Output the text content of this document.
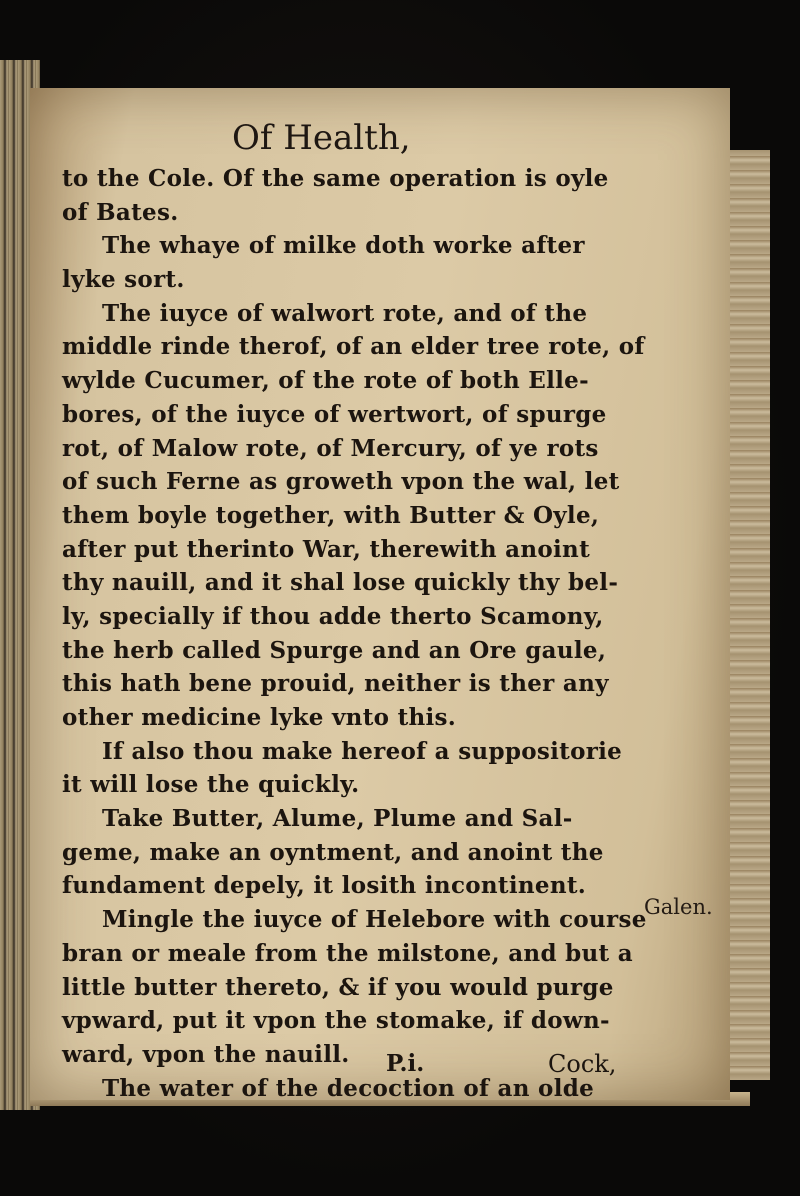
Of Health,
to the Cole. Of the same operation is oyle
of Bates.
The whaye of milke doth worke after
lyke sort.
The iuyce of walwort rote, and of the
middle rinde therof, of an elder tree rote, of
wylde Cucumer, of the rote of both Elle-
bores, of the iuyce of wertwort, of spurge
rot, of Malow rote, of Mercury, of ye rots
of such Ferne as groweth vpon the wal, let
them boyle together, with Butter & Oyle,
after put therinto War, therewith anoint
thy nauill, and it shal lose quickly thy bel-
ly, specially if thou adde therto Scamony,
the herb called Spurge and an Ore gaule,
this hath bene prouid, neither is ther any
other medicine lyke vnto this.
If also thou make hereof a suppositorie
it will lose the quickly.
Take Butter, Alume, Plume and Sal-
geme, make an oyntment, and anoint the
fundament depely, it losith incontinent.
Mingle the iuyce of Helebore with course
bran or meale from the milstone, and but a
little butter thereto, & if you would purge
vpward, put it vpon the stomake, if down-
ward, vpon the nauill.
The water of the decoction of an olde
Galen.
P.i.	Cock,
